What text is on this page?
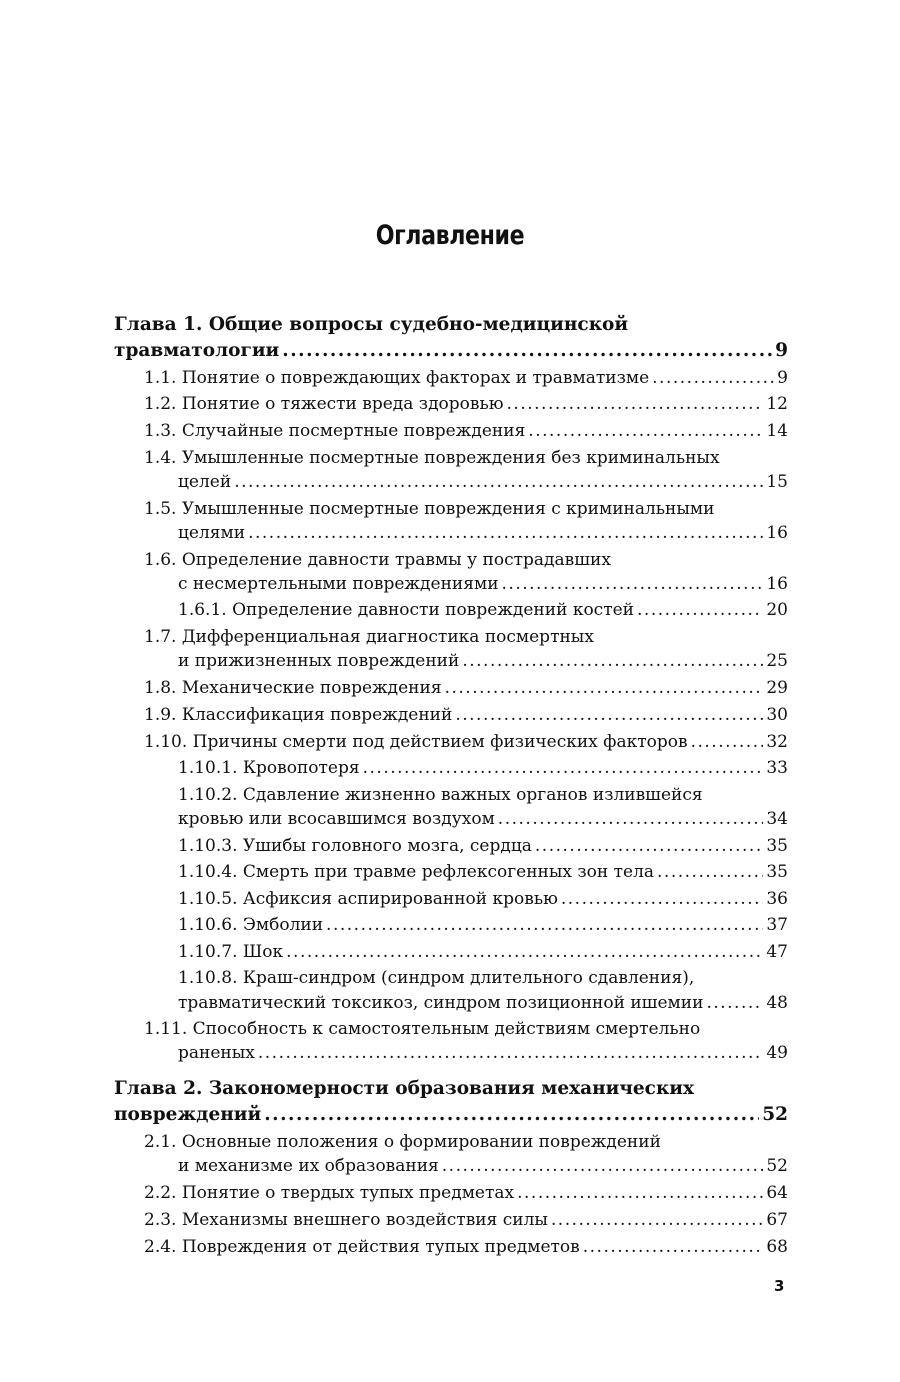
Оглавление
Глава 1. Общие вопросы судебно-медицинской
травматологии .....	9
1.1. Понятие о повреждающих факторах и травматизме .....	9
1.2. Понятие о тяжести вреда здоровью .....	12
1.3. Случайные посмертные повреждения .....	14
1.4. Умышленные посмертные повреждения без криминальных
целей .....	15
1.5. Умышленные посмертные повреждения с криминальными
целями .....	16
1.6. Определение давности травмы у пострадавших
с несмертельными повреждениями .....	16
1.6.1. Определение давности повреждений костей .....	20
1.7. Дифференциальная диагностика посмертных
и прижизненных повреждений .....	25
1.8. Механические повреждения .....	29
1.9. Классификация повреждений .....	30
1.10. Причины смерти под действием физических факторов .....	32
1.10.1. Кровопотеря .....	33
1.10.2. Сдавление жизненно важных органов излившейся
кровью или всосавшимся воздухом .....	34
1.10.3. Ушибы головного мозга, сердца .....	35
1.10.4. Смерть при травме рефлексогенных зон тела .....	35
1.10.5. Асфиксия аспирированной кровью .....	36
1.10.6. Эмболии .....	37
1.10.7. Шок .....	47
1.10.8. Краш-синдром (синдром длительного сдавления),
травматический токсикоз, синдром позиционной ишемии .....	48
1.11. Способность к самостоятельным действиям смертельно
раненых .....	49
Глава 2. Закономерности образования механических
повреждений .....	52
2.1. Основные положения о формировании повреждений
и механизме их образования .....	52
2.2. Понятие о твердых тупых предметах .....	64
2.3. Механизмы внешнего воздействия силы .....	67
2.4. Повреждения от действия тупых предметов .....	68
3
